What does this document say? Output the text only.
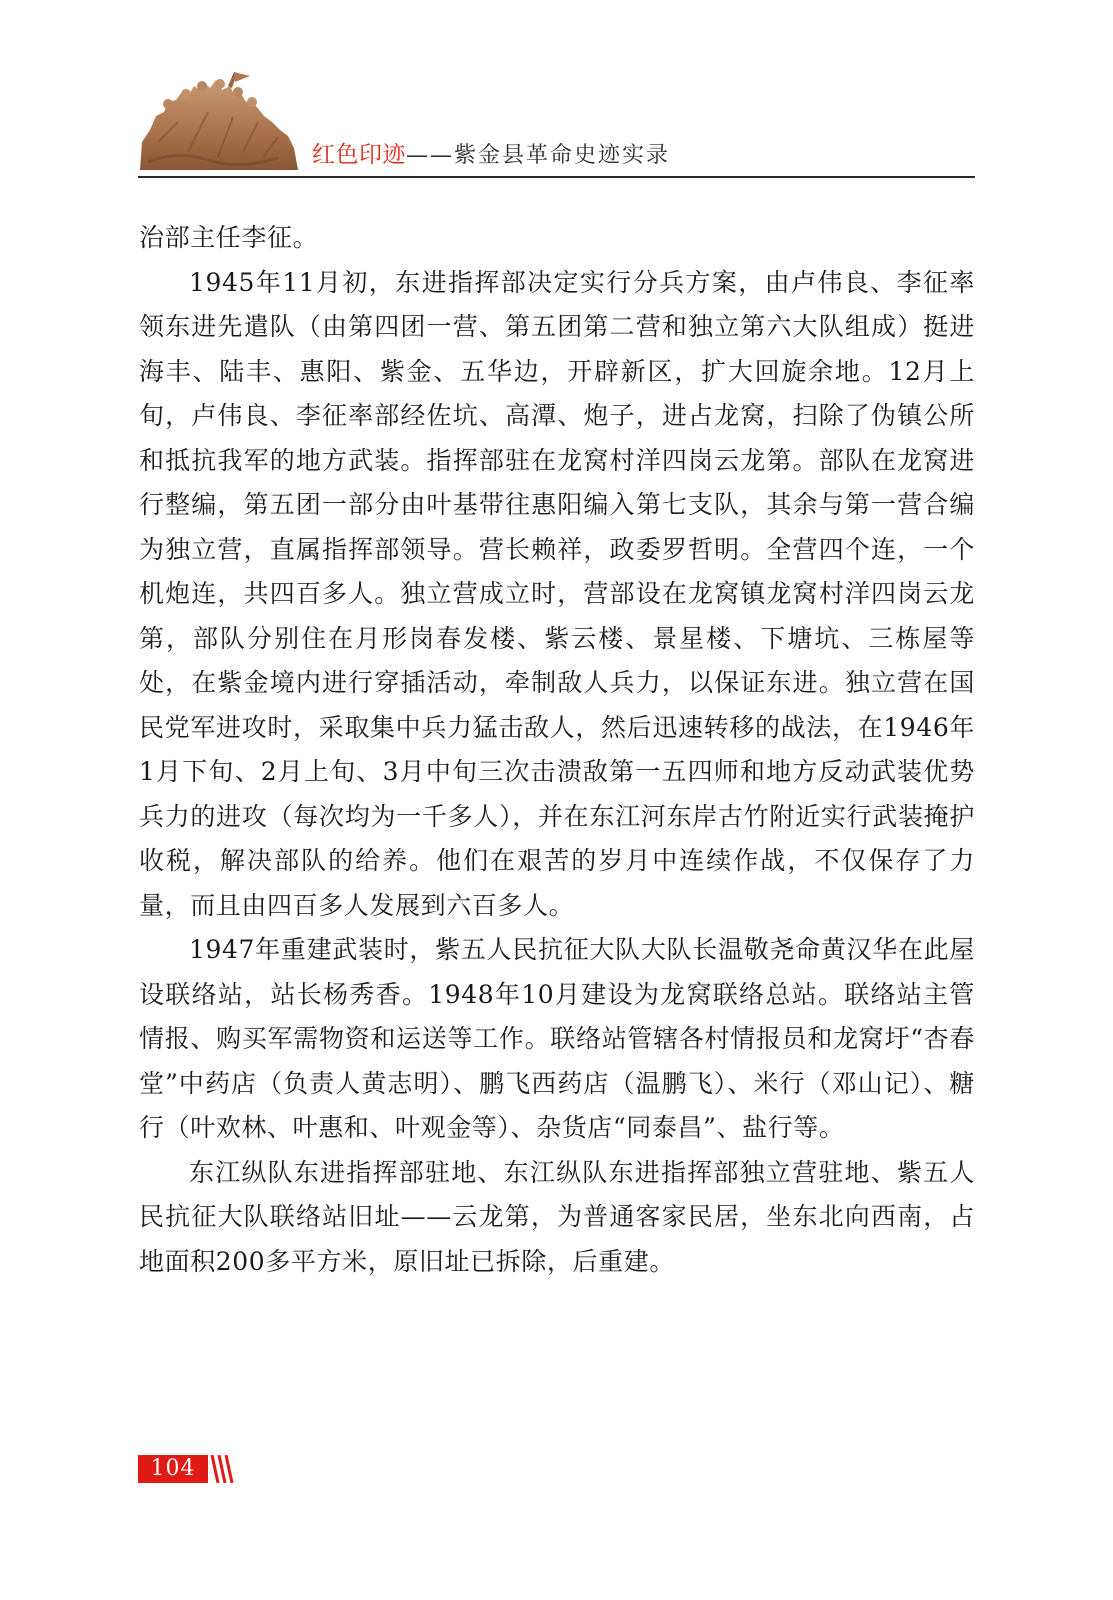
红色印迹——紫金县革命史迹实录

治部主任李征。

1945年11月初，东进指挥部决定实行分兵方案，由卢伟良、李征率领东进先遣队（由第四团一营、第五团第二营和独立第六大队组成）挺进海丰、陆丰、惠阳、紫金、五华边，开辟新区，扩大回旋余地。12月上旬，卢伟良、李征率部经佐坑、高潭、炮子，进占龙窝，扫除了伪镇公所和抵抗我军的地方武装。指挥部驻在龙窝村洋四岗云龙第。部队在龙窝进行整编，第五团一部分由叶基带往惠阳编入第七支队，其余与第一营合编为独立营，直属指挥部领导。营长赖祥，政委罗哲明。全营四个连，一个机炮连，共四百多人。独立营成立时，营部设在龙窝镇龙窝村洋四岗云龙第，部队分别住在月形岗春发楼、紫云楼、景星楼、下塘坑、三栋屋等处，在紫金境内进行穿插活动，牵制敌人兵力，以保证东进。独立营在国民党军进攻时，采取集中兵力猛击敌人，然后迅速转移的战法，在1946年1月下旬、2月上旬、3月中旬三次击溃敌第一五四师和地方反动武装优势兵力的进攻（每次均为一千多人），并在东江河东岸古竹附近实行武装掩护收税，解决部队的给养。他们在艰苦的岁月中连续作战，不仅保存了力量，而且由四百多人发展到六百多人。

1947年重建武装时，紫五人民抗征大队大队长温敬尧命黄汉华在此屋设联络站，站长杨秀香。1948年10月建设为龙窝联络总站。联络站主管情报、购买军需物资和运送等工作。联络站管辖各村情报员和龙窝圩“杏春堂”中药店（负责人黄志明）、鹏飞西药店（温鹏飞）、米行（邓山记）、糖行（叶欢林、叶惠和、叶观金等）、杂货店“同泰昌”、盐行等。

东江纵队东进指挥部驻地、东江纵队东进指挥部独立营驻地、紫五人民抗征大队联络站旧址——云龙第，为普通客家民居，坐东北向西南，占地面积200多平方米，原旧址已拆除，后重建。

104
